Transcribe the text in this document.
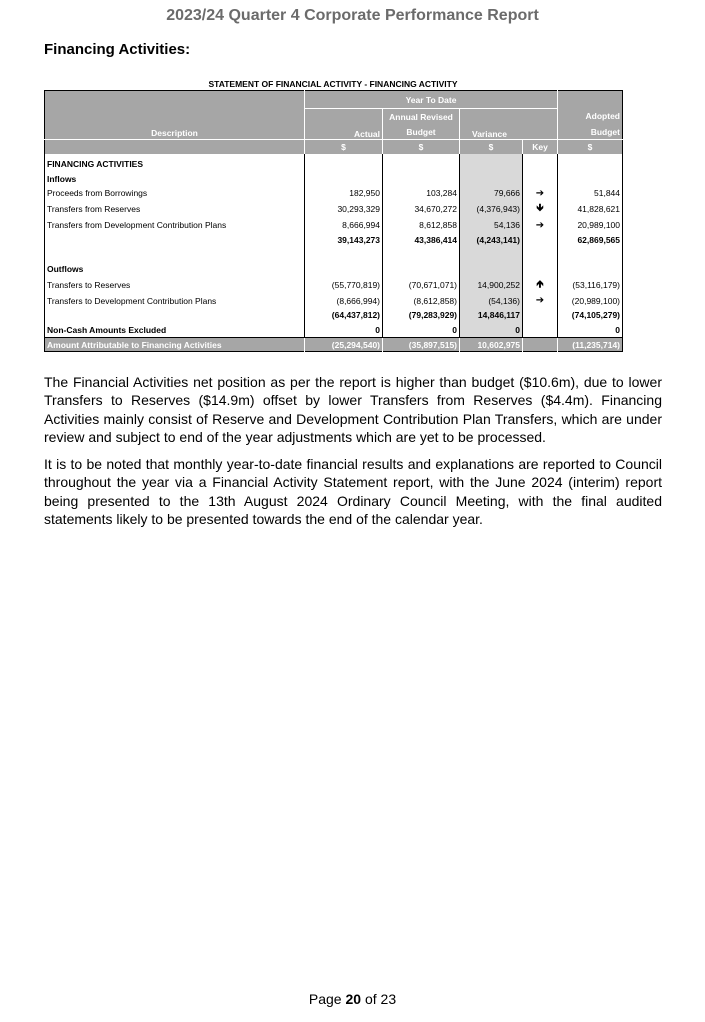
2023/24 Quarter 4 Corporate Performance Report
Financing Activities:
STATEMENT OF FINANCIAL ACTIVITY - FINANCING ACTIVITY
Description	Year To Date				
	Actual	Annual Revised	Variance		Adopted
		Budget			Budget
	$	$	$	Key	$
FINANCING ACTIVITIES					
Inflows					
Proceeds from Borrowings	182,950	103,284	79,666	➔	51,844
Transfers from Reserves	30,293,329	34,670,272	(4,376,943)	🡻	41,828,621
Transfers from Development Contribution Plans	8,666,994	8,612,858	54,136	➔	20,989,100
	39,143,273	43,386,414	(4,243,141)		62,869,565

Outflows					
Transfers to Reserves	(55,770,819)	(70,671,071)	14,900,252	🡹	(53,116,179)
Transfers to Development Contribution Plans	(8,666,994)	(8,612,858)	(54,136)	➔	(20,989,100)
	(64,437,812)	(79,283,929)	14,846,117		(74,105,279)
Non-Cash Amounts Excluded	0	0	0		0
Amount Attributable to Financing Activities	(25,294,540)	(35,897,515)	10,602,975		(11,235,714)
The Financial Activities net position as per the report is higher than budget ($10.6m), due to lower Transfers to Reserves ($14.9m) offset by lower Transfers from Reserves ($4.4m). Financing Activities mainly consist of Reserve and Development Contribution Plan Transfers, which are under review and subject to end of the year adjustments which are yet to be processed.
It is to be noted that monthly year-to-date financial results and explanations are reported to Council throughout the year via a Financial Activity Statement report, with the June 2024 (interim) report being presented to the 13th August 2024 Ordinary Council Meeting, with the final audited statements likely to be presented towards the end of the calendar year.
Page 20 of 23
